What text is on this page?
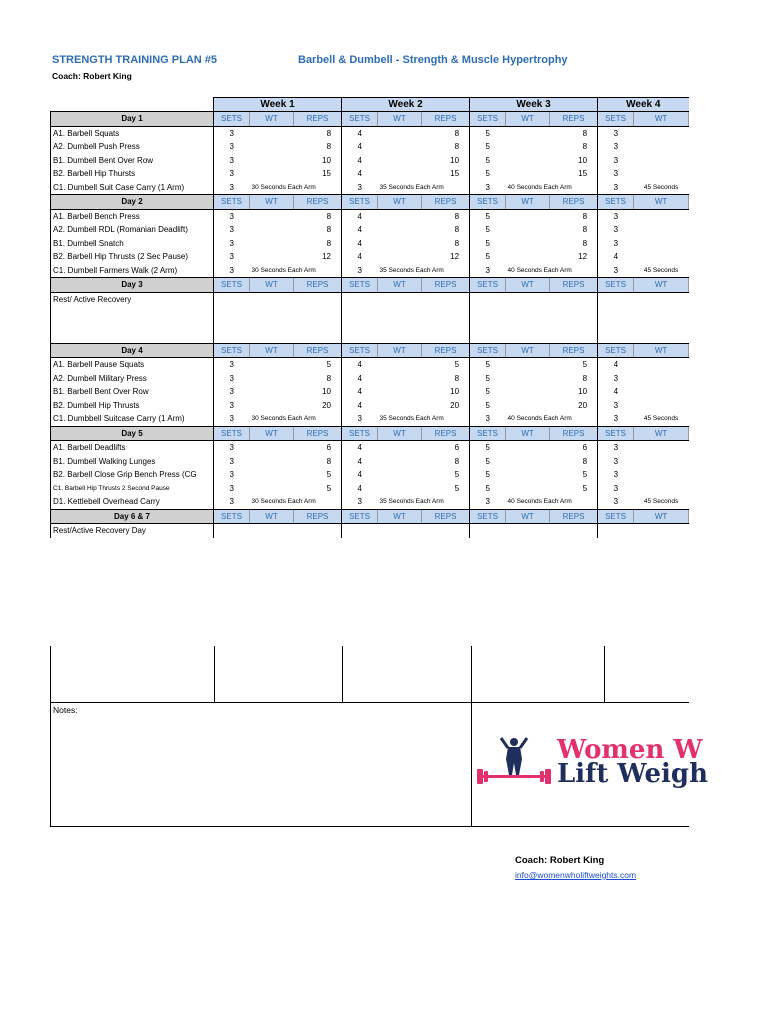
STRENGTH TRAINING PLAN #5	Barbell & Dumbell - Strength & Muscle Hypertrophy
Coach: Robert King
	Week 1			Week 2			Week 3			Week 4		
Day 1	SETS	WT	REPS	SETS	WT	REPS	SETS	WT	REPS	SETS	WT	
A1. Barbell Squats	3		8	4		8	5		8	3		
A2. Dumbell Push Press	3		8	4		8	5		8	3		
B1. Dumbell Bent Over Row	3		10	4		10	5		10	3		
B2. Barbell Hip Thursts	3		15	4		15	5		15	3		
C1. Dumbell Suit Case Carry (1 Arm)	3	30 Seconds Each Arm		3	35 Seconds Each Arm		3	40 Seconds Each Arm		3	45 Seconds	
Day 2	SETS	WT	REPS	SETS	WT	REPS	SETS	WT	REPS	SETS	WT	
A1. Barbell Bench Press	3		8	4		8	5		8	3		
A2. Dumbell RDL (Romanian Deadlift)	3		8	4		8	5		8	3		
B1. Dumbell Snatch	3		8	4		8	5		8	3		
B2. Barbell Hip Thrusts (2 Sec Pause)	3		12	4		12	5		12	4		
C1. Dumbell Farmers Walk (2 Arm)	3	30 Seconds Each Arm		3	35 Seconds Each Arm		3	40 Seconds Each Arm		3	45 Seconds	
Day 3	SETS	WT	REPS	SETS	WT	REPS	SETS	WT	REPS	SETS	WT	
Rest/ Active Recovery												
Day 4	SETS	WT	REPS	SETS	WT	REPS	SETS	WT	REPS	SETS	WT	
A1. Barbell Pause Squats	3		5	4		5	5		5	4		
A2. Dumbell Military Press	3		8	4		8	5		8	3		
B1. Barbell Bent Over Row	3		10	4		10	5		10	4		
B2. Dumbell Hip Thrusts	3		20	4		20	5		20	3		
C1. Dumbbell Suitcase Carry (1 Arm)	3	30 Seconds Each Arm		3	35 Seconds Each Arm		3	40 Seconds Each Arm		3	45 Seconds	
Day 5	SETS	WT	REPS	SETS	WT	REPS	SETS	WT	REPS	SETS	WT	
A1. Barbell Deadlifts	3		6	4		6	5		6	3		
B1. Dumbell Walking Lunges	3		8	4		8	5		8	3		
B2. Barbell Close Grip Bench Press (CG	3		5	4		5	5		5	3		
C1. Barbell Hip Thrusts 2 Second Pause	3		5	4		5	5		5	3		
D1. Kettlebell Overhead Carry	3	30 Seconds Each Arm		3	35 Seconds Each Arm		3	40 Seconds Each Arm		3	45 Seconds	
Day 6 & 7	SETS	WT	REPS	SETS	WT	REPS	SETS	WT	REPS	SETS	WT	
Rest/Active Recovery Day												
Notes:
Women W
Lift Weigh
Coach: Robert King
info@womenwholiftweights.com
